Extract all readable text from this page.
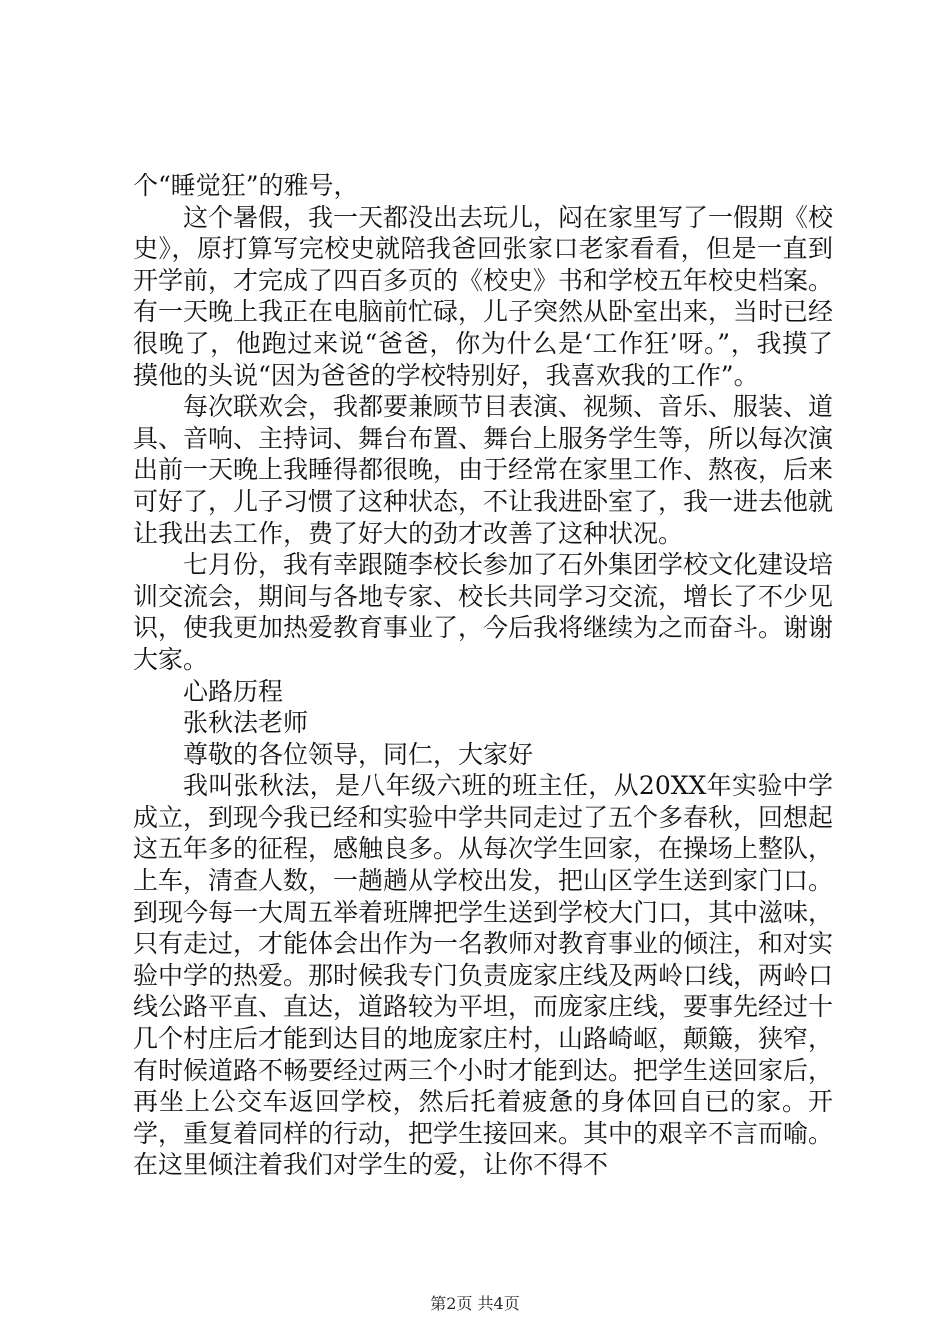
个“睡觉狂”的雅号，

这个暑假，我一天都没出去玩儿，闷在家里写了一假期《校史》，原打算写完校史就陪我爸回张家口老家看看，但是一直到开学前，才完成了四百多页的《校史》书和学校五年校史档案。有一天晚上我正在电脑前忙碌，儿子突然从卧室出来，当时已经很晚了，他跑过来说“爸爸，你为什么是‘工作狂’呀。”，我摸了摸他的头说“因为爸爸的学校特别好，我喜欢我的工作”。

每次联欢会，我都要兼顾节目表演、视频、音乐、服装、道具、音响、主持词、舞台布置、舞台上服务学生等，所以每次演出前一天晚上我睡得都很晚，由于经常在家里工作、熬夜，后来可好了，儿子习惯了这种状态，不让我进卧室了，我一进去他就让我出去工作，费了好大的劲才改善了这种状况。

七月份，我有幸跟随李校长参加了石外集团学校文化建设培训交流会，期间与各地专家、校长共同学习交流，增长了不少见识，使我更加热爱教育事业了，今后我将继续为之而奋斗。谢谢大家。

心路历程

张秋法老师

尊敬的各位领导，同仁，大家好

我叫张秋法，是八年级六班的班主任，从20XX年实验中学成立，到现今我已经和实验中学共同走过了五个多春秋，回想起这五年多的征程，感触良多。从每次学生回家，在操场上整队，上车，清查人数，一趟趟从学校出发，把山区学生送到家门口。到现今每一大周五举着班牌把学生送到学校大门口，其中滋味，只有走过，才能体会出作为一名教师对教育事业的倾注，和对实验中学的热爱。那时候我专门负责庞家庄线及两岭口线，两岭口线公路平直、直达，道路较为平坦，而庞家庄线，要事先经过十几个村庄后才能到达目的地庞家庄村，山路崎岖，颠簸，狭窄，有时候道路不畅要经过两三个小时才能到达。把学生送回家后，再坐上公交车返回学校，然后托着疲惫的身体回自已的家。开学，重复着同样的行动，把学生接回来。其中的艰辛不言而喻。在这里倾注着我们对学生的爱，让你不得不

第2页 共4页
